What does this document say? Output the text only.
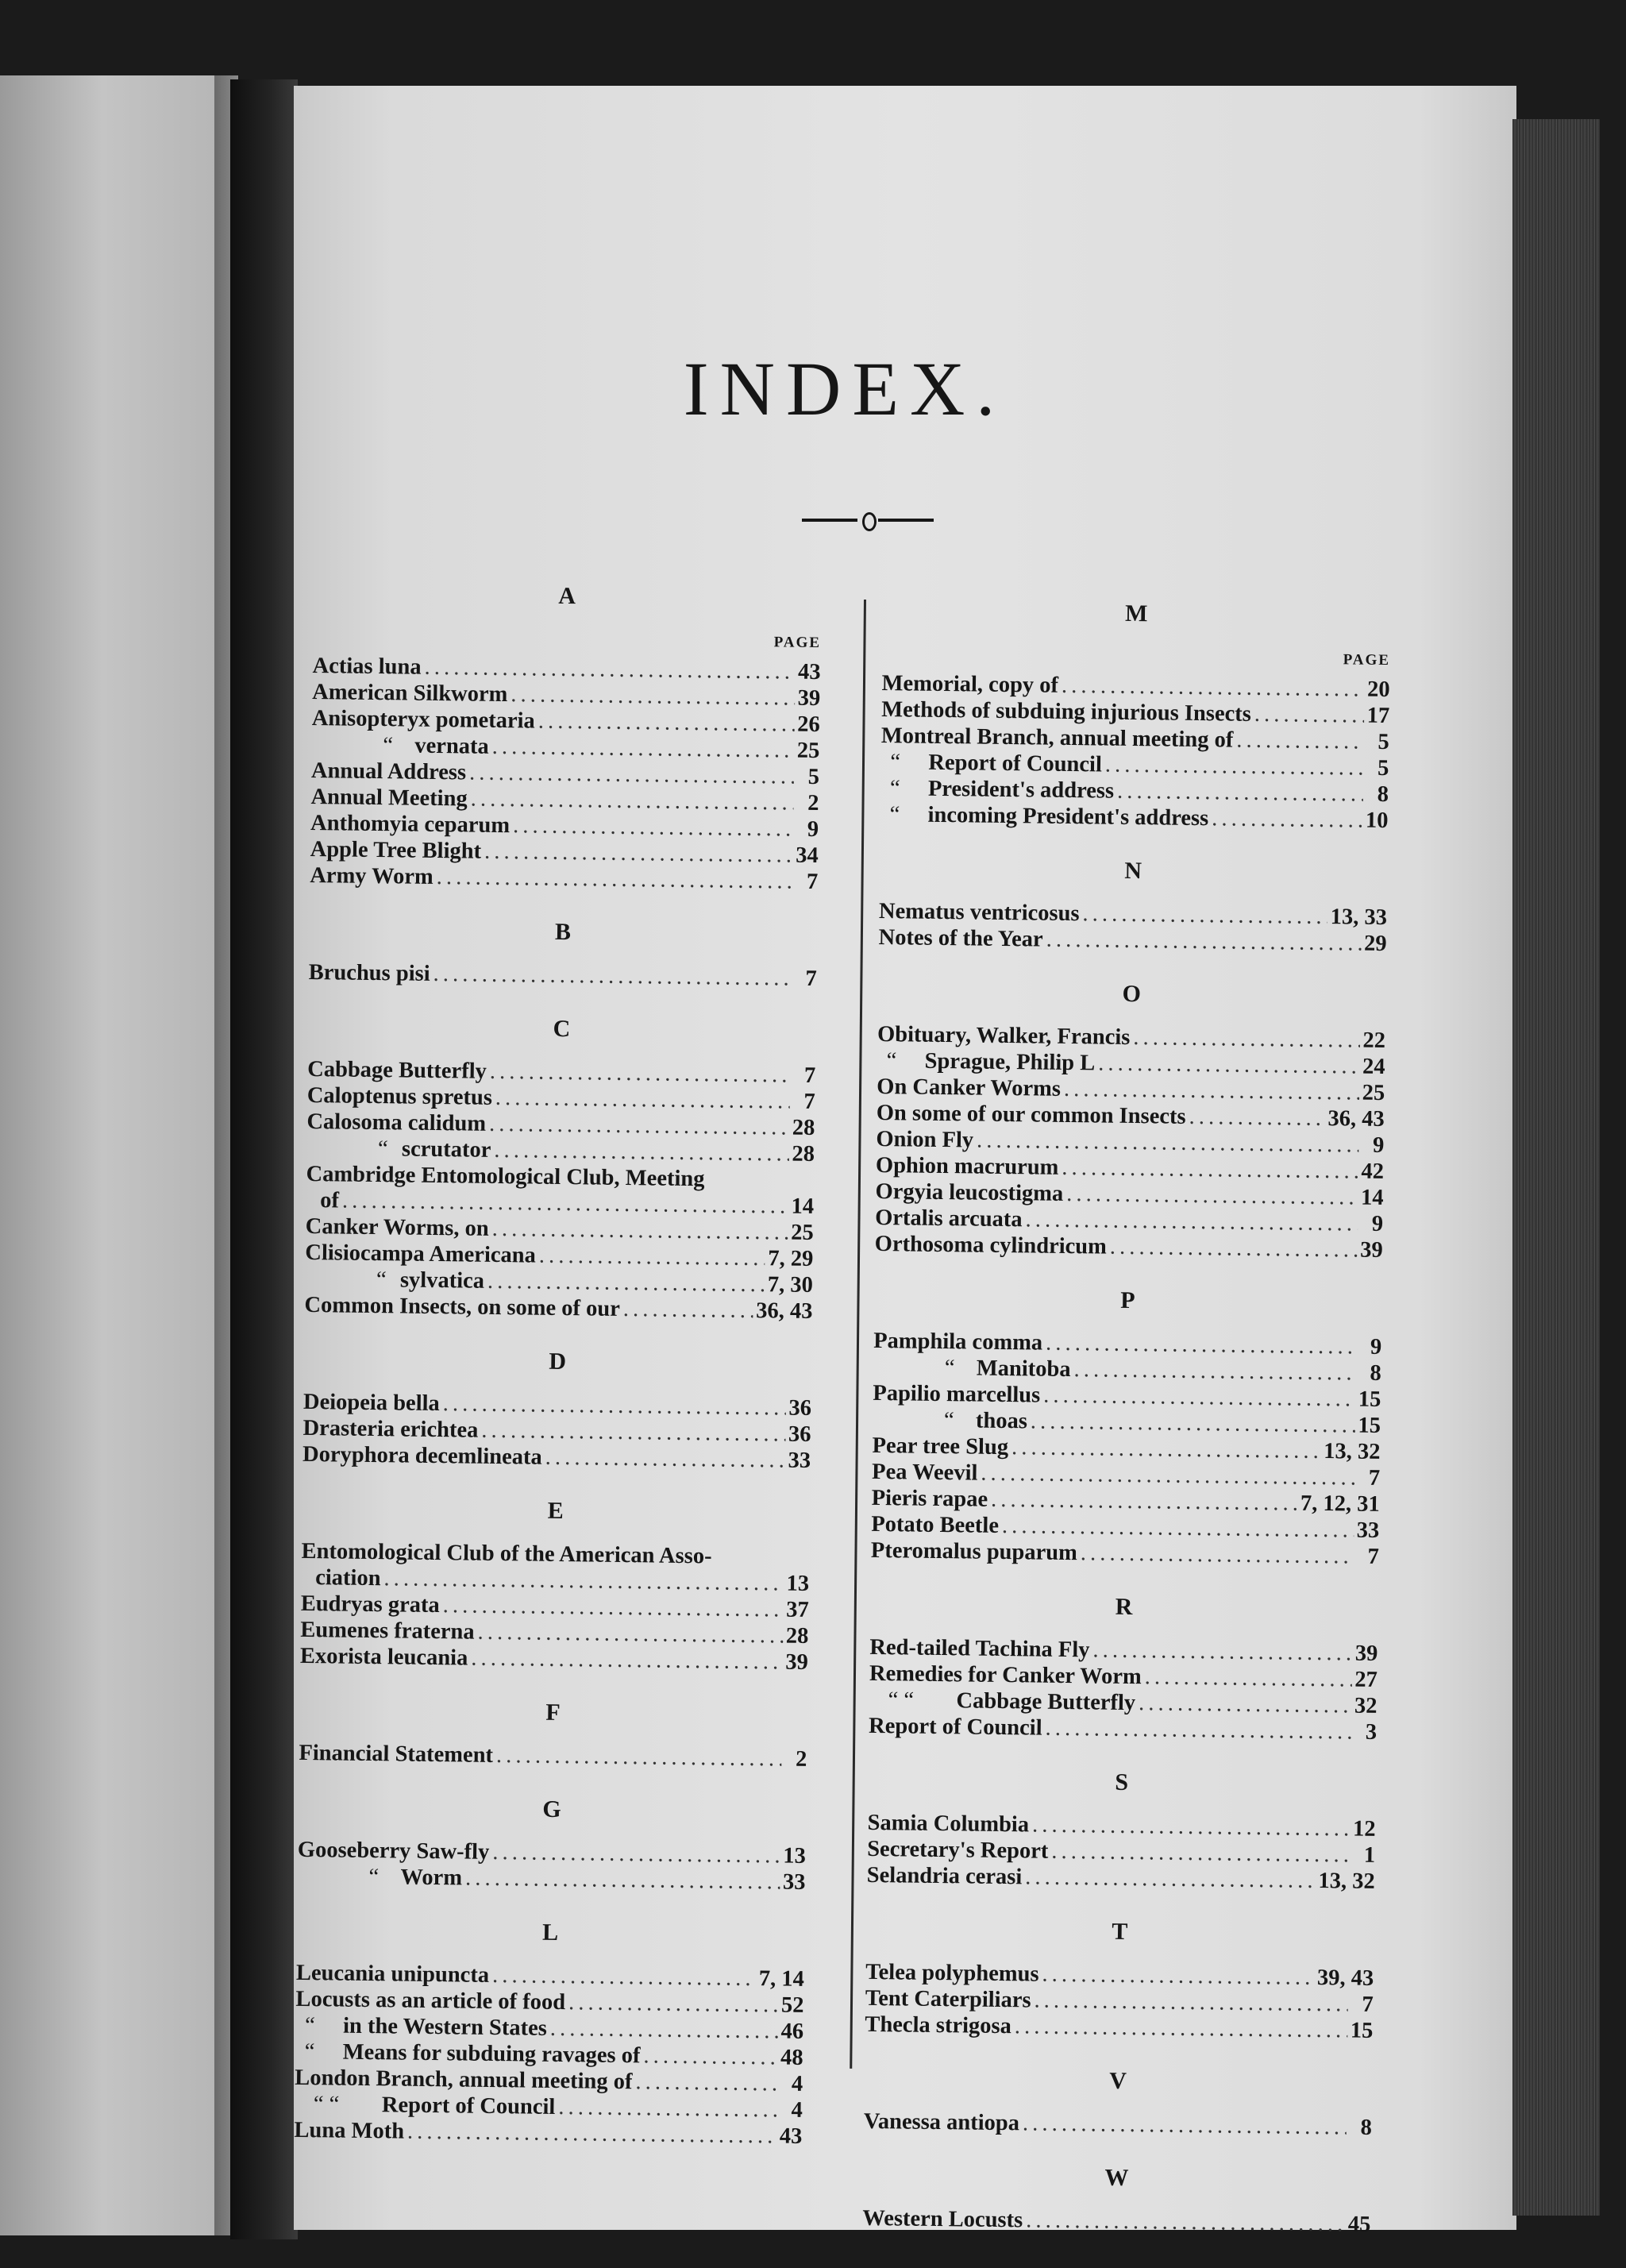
INDEX.
A
PAGE
Actias luna . . .	43
American Silkworm . . .	39
Anisopteryx pometaria . . .	26
“ vernata . . .	25
Annual Address . . .	5
Annual Meeting . . .	2
Anthomyia ceparum . . .	9
Apple Tree Blight . . .	34
Army Worm . . .	7
B
Bruchus pisi . . .	7
C
Cabbage Butterfly . . .	7
Caloptenus spretus . . .	7
Calosoma calidum . . .	28
“ scrutator . . .	28
Cambridge Entomological Club, Meeting
of . . .	14
Canker Worms, on . . .	25
Clisiocampa Americana . . .	7, 29
“ sylvatica . . .	7, 30
Common Insects, on some of our . . .	36, 43
D
Deiopeia bella . . .	36
Drasteria erichtea . . .	36
Doryphora decemlineata . . .	33
E
Entomological Club of the American Asso-
ciation . . .	13
Eudryas grata . . .	37
Eumenes fraterna . . .	28
Exorista leucania . . .	39
F
Financial Statement . . .	2
G
Gooseberry Saw-fly . . .	13
“ Worm . . .	33
L
Leucania unipuncta . . .	7, 14
Locusts as an article of food . . .	52
“ in the Western States . . .	46
“ Means for subduing ravages of . . .	48
London Branch, annual meeting of . . .	4
“ “ Report of Council . . .	4
Luna Moth . . .	43
M
PAGE
Memorial, copy of . . .	20
Methods of subduing injurious Insects . . .	17
Montreal Branch, annual meeting of . . .	5
“ Report of Council . . .	5
“ President's address . . .	8
“ incoming President's address . . .	10
N
Nematus ventricosus . . .	13, 33
Notes of the Year . . .	29
O
Obituary, Walker, Francis . . .	22
“ Sprague, Philip L . . .	24
On Canker Worms . . .	25
On some of our common Insects . . .	36, 43
Onion Fly . . .	9
Ophion macrurum . . .	42
Orgyia leucostigma . . .	14
Ortalis arcuata . . .	9
Orthosoma cylindricum . . .	39
P
Pamphila comma . . .	9
“ Manitoba . . .	8
Papilio marcellus . . .	15
“ thoas . . .	15
Pear tree Slug . . .	13, 32
Pea Weevil . . .	7
Pieris rapae . . .	7, 12, 31
Potato Beetle . . .	33
Pteromalus puparum . . .	7
R
Red-tailed Tachina Fly . . .	39
Remedies for Canker Worm . . .	27
“ “ Cabbage Butterfly . . .	32
Report of Council . . .	3
S
Samia Columbia . . .	12
Secretary's Report . . .	1
Selandria cerasi . . .	13, 32
T
Telea polyphemus . . .	39, 43
Tent Caterpiliars . . .	7
Thecla strigosa . . .	15
V
Vanessa antiopa . . .	8
W
Western Locusts . . .	45
